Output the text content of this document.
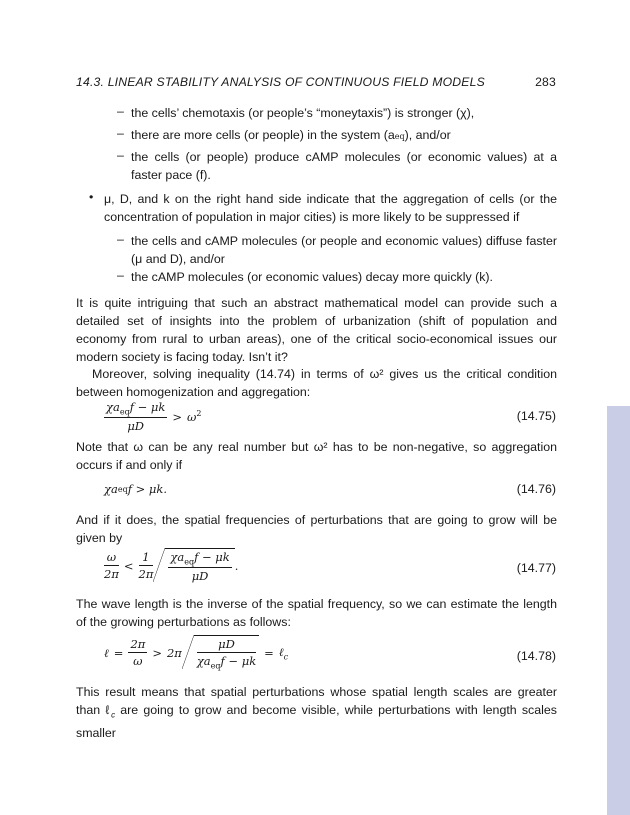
14.3. LINEAR STABILITY ANALYSIS OF CONTINUOUS FIELD MODELS	283
– the cells’ chemotaxis (or people’s “moneytaxis”) is stronger (χ),
– there are more cells (or people) in the system (aeq), and/or
– the cells (or people) produce cAMP molecules (or economic values) at a faster pace (f).
• μ, D, and k on the right hand side indicate that the aggregation of cells (or the concentration of population in major cities) is more likely to be suppressed if
– the cells and cAMP molecules (or people and economic values) diffuse faster (μ and D), and/or
– the cAMP molecules (or economic values) decay more quickly (k).
It is quite intriguing that such an abstract mathematical model can provide such a detailed set of insights into the problem of urbanization (shift of population and economy from rural to urban areas), one of the critical socio-economical issues our modern society is facing today. Isn’t it?
Moreover, solving inequality (14.74) in terms of ω² gives us the critical condition between homogenization and aggregation:
$\frac{\chi a_{eq}f - \mu k}{\mu D} > \omega^2$	(14.75)
Note that ω can be any real number but ω² has to be non-negative, so aggregation occurs if and only if
χa eq f > μk.	(14.76)
And if it does, the spatial frequencies of perturbations that are going to grow will be given by
$\frac{\omega}{2\pi} < \frac{1}{2\pi} \frac{\chi a_{eq}f - \mu k}{\mu D}$ .	(14.77)
The wave length is the inverse of the spatial frequency, so we can estimate the length of the growing perturbations as follows:
ℓ = $\frac{2\pi}{\omega} > 2\pi \frac{\mu D}{\chi a_{eq}f - \mu k}$ = ℓ$_c$	(14.78)
This result means that spatial perturbations whose spatial length scales are greater than ℓ$_c$ are going to grow and become visible, while perturbations with length scales smaller
